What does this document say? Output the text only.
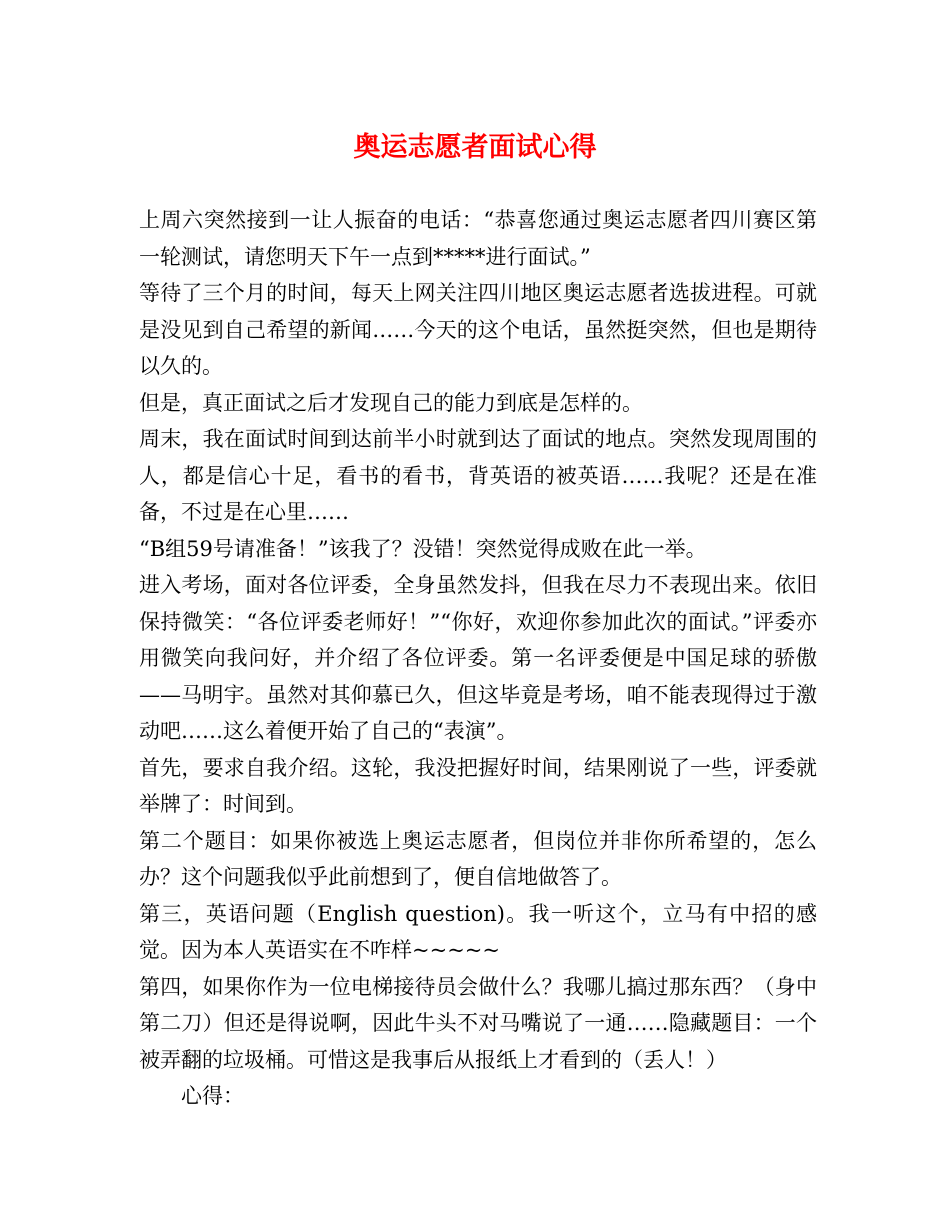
奥运志愿者面试心得

上周六突然接到一让人振奋的电话：“恭喜您通过奥运志愿者四川赛区第一轮测试，请您明天下午一点到*****进行面试。”

等待了三个月的时间，每天上网关注四川地区奥运志愿者选拔进程。可就是没见到自己希望的新闻……今天的这个电话，虽然挺突然，但也是期待以久的。

但是，真正面试之后才发现自己的能力到底是怎样的。

周末，我在面试时间到达前半小时就到达了面试的地点。突然发现周围的人，都是信心十足，看书的看书，背英语的被英语……我呢？还是在准备，不过是在心里……

“B组59号请准备！”该我了？没错！突然觉得成败在此一举。

进入考场，面对各位评委，全身虽然发抖，但我在尽力不表现出来。依旧保持微笑：“各位评委老师好！”“你好，欢迎你参加此次的面试。”评委亦用微笑向我问好，并介绍了各位评委。第一名评委便是中国足球的骄傲——马明宇。虽然对其仰慕已久，但这毕竟是考场，咱不能表现得过于激动吧……这么着便开始了自己的“表演”。

首先，要求自我介绍。这轮，我没把握好时间，结果刚说了一些，评委就举牌了：时间到。

第二个题目：如果你被选上奥运志愿者，但岗位并非你所希望的，怎么办？这个问题我似乎此前想到了，便自信地做答了。

第三，英语问题（English question)。我一听这个，立马有中招的感觉。因为本人英语实在不咋样~~~~~

第四，如果你作为一位电梯接待员会做什么？我哪儿搞过那东西？（身中第二刀）但还是得说啊，因此牛头不对马嘴说了一通……隐藏题目：一个被弄翻的垃圾桶。可惜这是我事后从报纸上才看到的（丢人！）

心得：
